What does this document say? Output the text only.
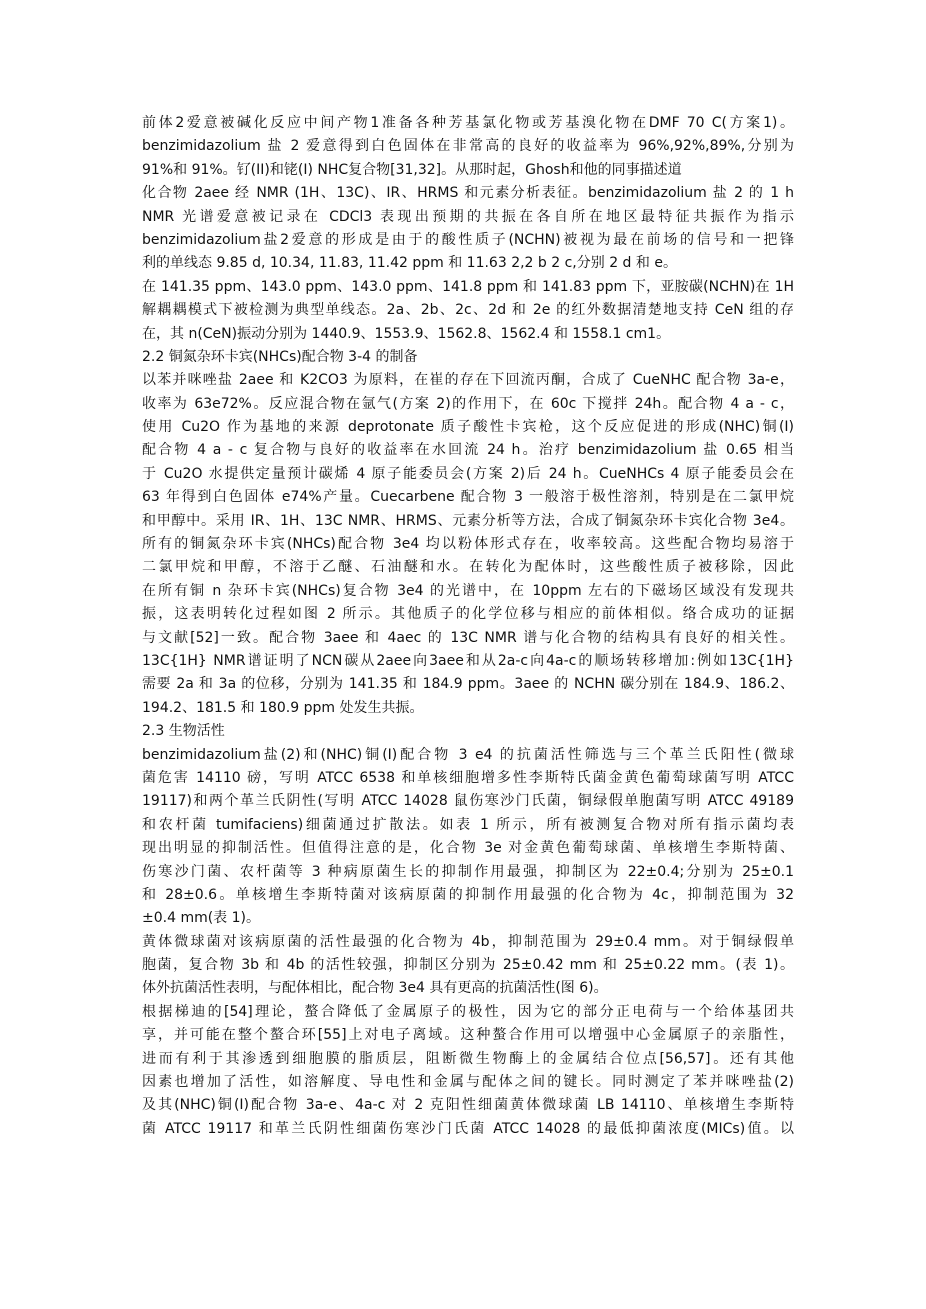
前体2爱意被碱化反应中间产物1准备各种芳基氯化物或芳基溴化物在DMF 70 C(方案1)。
benzimidazolium 盐 2 爱意得到白色固体在非常高的良好的收益率为 96%,92%,89%,分别为
91%和 91%。钌(II)和铑(I) NHC复合物[31,32]。从那时起，Ghosh和他的同事描述道
化合物 2aee 经 NMR (1H、13C)、IR、HRMS 和元素分析表征。benzimidazolium 盐 2 的 1 h
NMR 光谱爱意被记录在 CDCl3 表现出预期的共振在各自所在地区最特征共振作为指示
benzimidazolium盐2爱意的形成是由于的酸性质子(NCHN)被视为最在前场的信号和一把锋
利的单线态 9.85 d, 10.34, 11.83, 11.42 ppm 和 11.63 2,2 b 2 c,分别 2 d 和 e。
在 141.35 ppm、143.0 ppm、143.0 ppm、141.8 ppm 和 141.83 ppm 下，亚胺碳(NCHN)在 1H
解耦耦模式下被检测为典型单线态。2a、2b、2c、2d 和 2e 的红外数据清楚地支持 CeN 组的存
在，其 n(CeN)振动分别为 1440.9、1553.9、1562.8、1562.4 和 1558.1 cm1。
2.2 铜氮杂环卡宾(NHCs)配合物 3-4 的制备
以苯并咪唑盐 2aee 和 K2CO3 为原料，在崔的存在下回流丙酮，合成了 CueNHC 配合物 3a-e，
收率为 63e72%。反应混合物在氩气(方案 2)的作用下，在 60c 下搅拌 24h。配合物 4 a - c，
使用 Cu2O 作为基地的来源 deprotonate 质子酸性卡宾枪，这个反应促进的形成(NHC)铜(I)
配合物 4 a - c 复合物与良好的收益率在水回流 24 h。治疗 benzimidazolium 盐 0.65 相当
于 Cu2O 水提供定量预计碳烯 4 原子能委员会(方案 2)后 24 h。CueNHCs 4 原子能委员会在
63 年得到白色固体 e74%产量。Cuecarbene 配合物 3 一般溶于极性溶剂，特别是在二氯甲烷
和甲醇中。采用 IR、1H、13C NMR、HRMS、元素分析等方法，合成了铜氮杂环卡宾化合物 3e4。
所有的铜氮杂环卡宾(NHCs)配合物 3e4 均以粉体形式存在，收率较高。这些配合物均易溶于
二氯甲烷和甲醇，不溶于乙醚、石油醚和水。在转化为配体时，这些酸性质子被移除，因此
在所有铜 n 杂环卡宾(NHCs)复合物 3e4 的光谱中，在 10ppm 左右的下磁场区域没有发现共
振，这表明转化过程如图 2 所示。其他质子的化学位移与相应的前体相似。络合成功的证据
与文献[52]一致。配合物 3aee 和 4aec 的 13C NMR 谱与化合物的结构具有良好的相关性。
13C{1H} NMR谱证明了NCN碳从2aee向3aee和从2a-c向4a-c的顺场转移增加:例如13C{1H}
需要 2a 和 3a 的位移，分别为 141.35 和 184.9 ppm。3aee 的 NCHN 碳分别在 184.9、186.2、
194.2、181.5 和 180.9 ppm 处发生共振。
2.3 生物活性
benzimidazolium盐(2)和(NHC)铜(I)配合物 3 e4 的抗菌活性筛选与三个革兰氏阳性(微球
菌危害 14110 磅，写明 ATCC 6538 和单核细胞增多性李斯特氏菌金黄色葡萄球菌写明 ATCC
19117)和两个革兰氏阴性(写明 ATCC 14028 鼠伤寒沙门氏菌，铜绿假单胞菌写明 ATCC 49189
和农杆菌 tumifaciens)细菌通过扩散法。如表 1 所示，所有被测复合物对所有指示菌均表
现出明显的抑制活性。但值得注意的是，化合物 3e 对金黄色葡萄球菌、单核增生李斯特菌、
伤寒沙门菌、农杆菌等 3 种病原菌生长的抑制作用最强，抑制区为 22±0.4;分别为 25±0.1
和 28±0.6。单核增生李斯特菌对该病原菌的抑制作用最强的化合物为 4c，抑制范围为 32
±0.4 mm(表 1)。
黄体微球菌对该病原菌的活性最强的化合物为 4b，抑制范围为 29±0.4 mm。对于铜绿假单
胞菌，复合物 3b 和 4b 的活性较强，抑制区分别为 25±0.42 mm 和 25±0.22 mm。(表 1)。
体外抗菌活性表明，与配体相比，配合物 3e4 具有更高的抗菌活性(图 6)。
根据梯迪的[54]理论，螯合降低了金属原子的极性，因为它的部分正电荷与一个给体基团共
享，并可能在整个螯合环[55]上对电子离域。这种螯合作用可以增强中心金属原子的亲脂性，
进而有利于其渗透到细胞膜的脂质层，阻断微生物酶上的金属结合位点[56,57]。还有其他
因素也增加了活性，如溶解度、导电性和金属与配体之间的键长。同时测定了苯并咪唑盐(2)
及其(NHC)铜(I)配合物 3a-e、4a-c 对 2 克阳性细菌黄体微球菌 LB 14110、单核增生李斯特
菌 ATCC 19117 和革兰氏阴性细菌伤寒沙门氏菌 ATCC 14028 的最低抑菌浓度(MICs)值。以
